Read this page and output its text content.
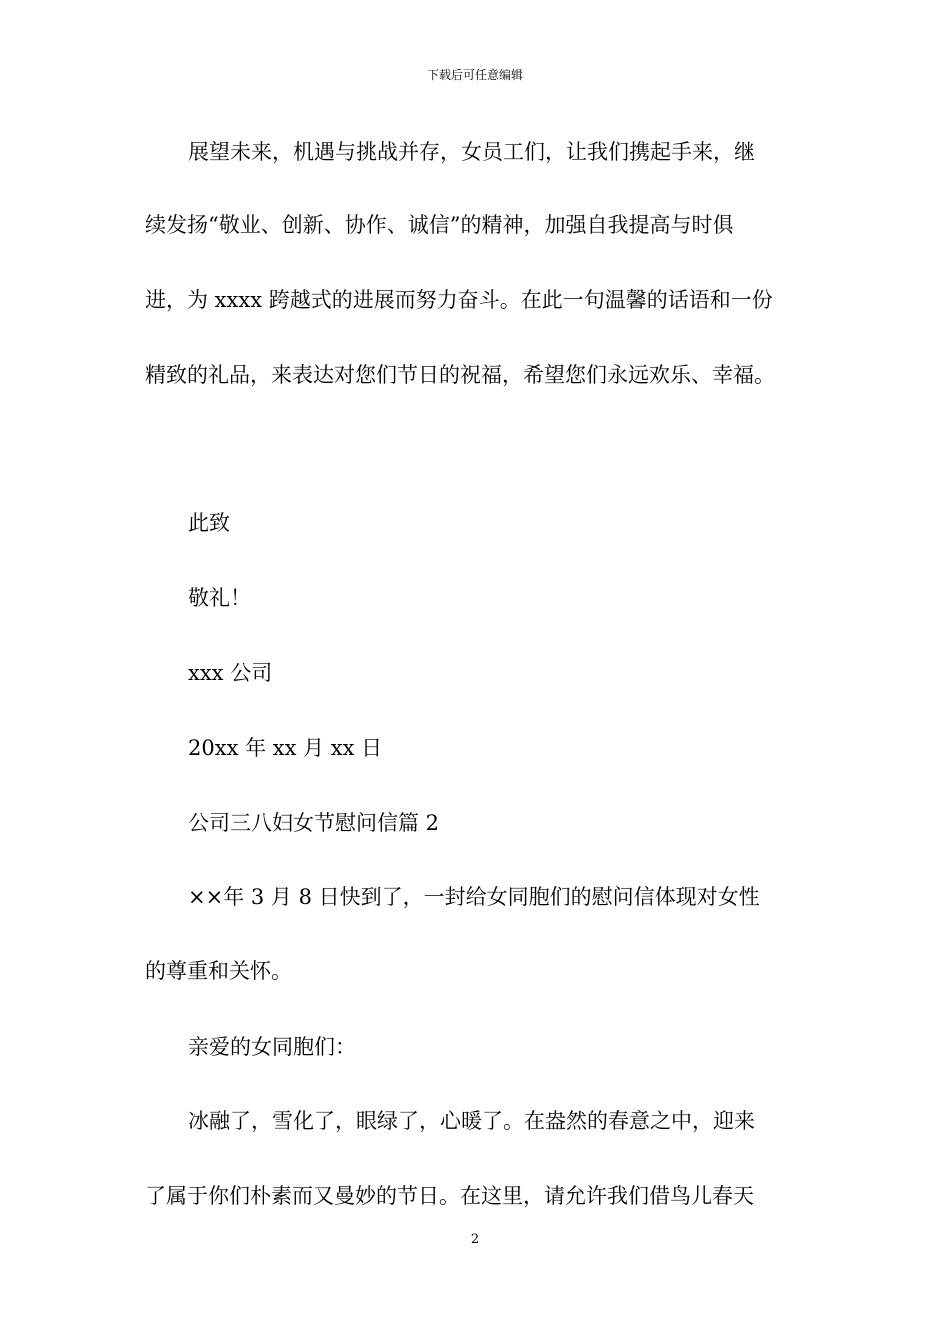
下载后可任意编辑
展望未来，机遇与挑战并存，女员工们，让我们携起手来，继
续发扬“敬业、创新、协作、诚信”的精神，加强自我提高与时俱
进，为 xxxx 跨越式的进展而努力奋斗。在此一句温馨的话语和一份
精致的礼品，来表达对您们节日的祝福，希望您们永远欢乐、幸福。
此致
敬礼！
xxx 公司
20xx 年 xx 月 xx 日
公司三八妇女节慰问信篇 2
××年 3 月 8 日快到了，一封给女同胞们的慰问信体现对女性
的尊重和关怀。
亲爱的女同胞们：
冰融了，雪化了，眼绿了，心暖了。在盎然的春意之中，迎来
了属于你们朴素而又曼妙的节日。在这里，请允许我们借鸟儿春天
2
